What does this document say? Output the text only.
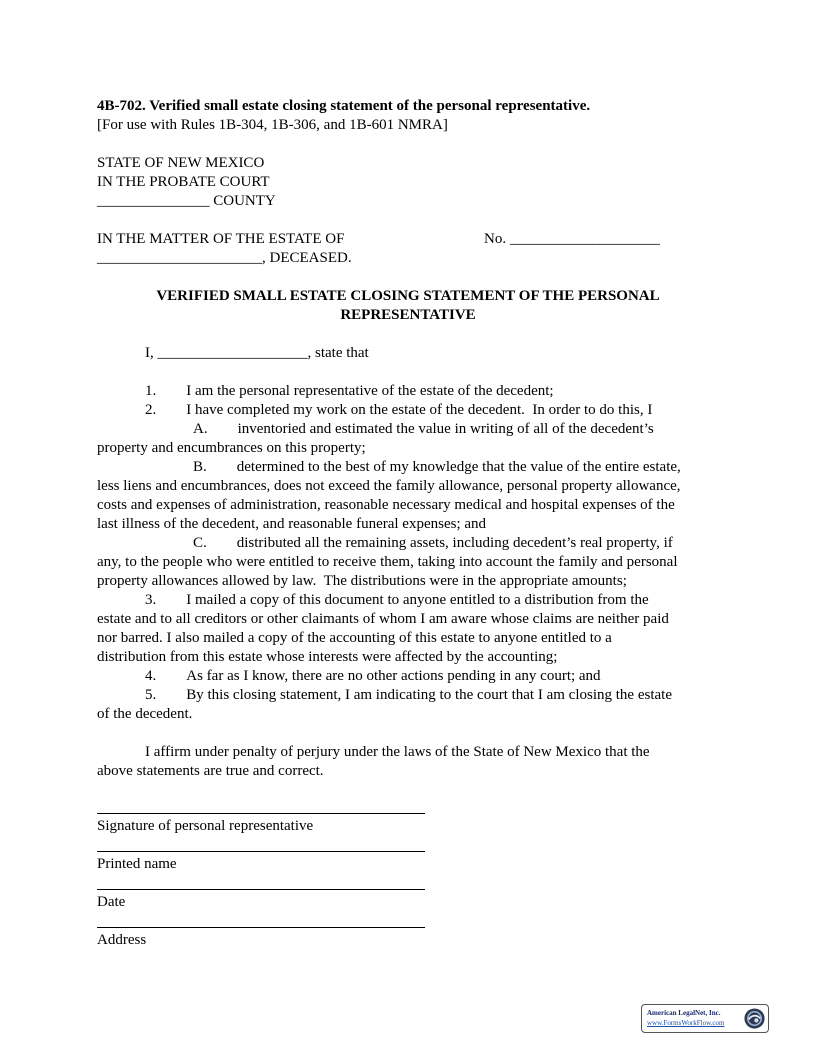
4B-702. Verified small estate closing statement of the personal representative.
[For use with Rules 1B-304, 1B-306, and 1B-601 NMRA]
STATE OF NEW MEXICO
IN THE PROBATE COURT
_______________ COUNTY
IN THE MATTER OF THE ESTATE OF	No. ____________________
______________________, DECEASED.
VERIFIED SMALL ESTATE CLOSING STATEMENT OF THE PERSONAL
REPRESENTATIVE
I, ____________________, state that
1.  I am the personal representative of the estate of the decedent;
2.  I have completed my work on the estate of the decedent.  In order to do this, I
A.  inventoried and estimated the value in writing of all of the decedent’s
property and encumbrances on this property;
B.  determined to the best of my knowledge that the value of the entire estate,
less liens and encumbrances, does not exceed the family allowance, personal property allowance,
costs and expenses of administration, reasonable necessary medical and hospital expenses of the
last illness of the decedent, and reasonable funeral expenses; and
C.  distributed all the remaining assets, including decedent’s real property, if
any, to the people who were entitled to receive them, taking into account the family and personal
property allowances allowed by law.  The distributions were in the appropriate amounts;
3.  I mailed a copy of this document to anyone entitled to a distribution from the
estate and to all creditors or other claimants of whom I am aware whose claims are neither paid
nor barred. I also mailed a copy of the accounting of this estate to anyone entitled to a
distribution from this estate whose interests were affected by the accounting;
4.  As far as I know, there are no other actions pending in any court; and
5.  By this closing statement, I am indicating to the court that I am closing the estate
of the decedent.
I affirm under penalty of perjury under the laws of the State of New Mexico that the
above statements are true and correct.
Signature of personal representative
Printed name
Date
Address
American LegalNet, Inc.
www.FormsWorkFlow.com
